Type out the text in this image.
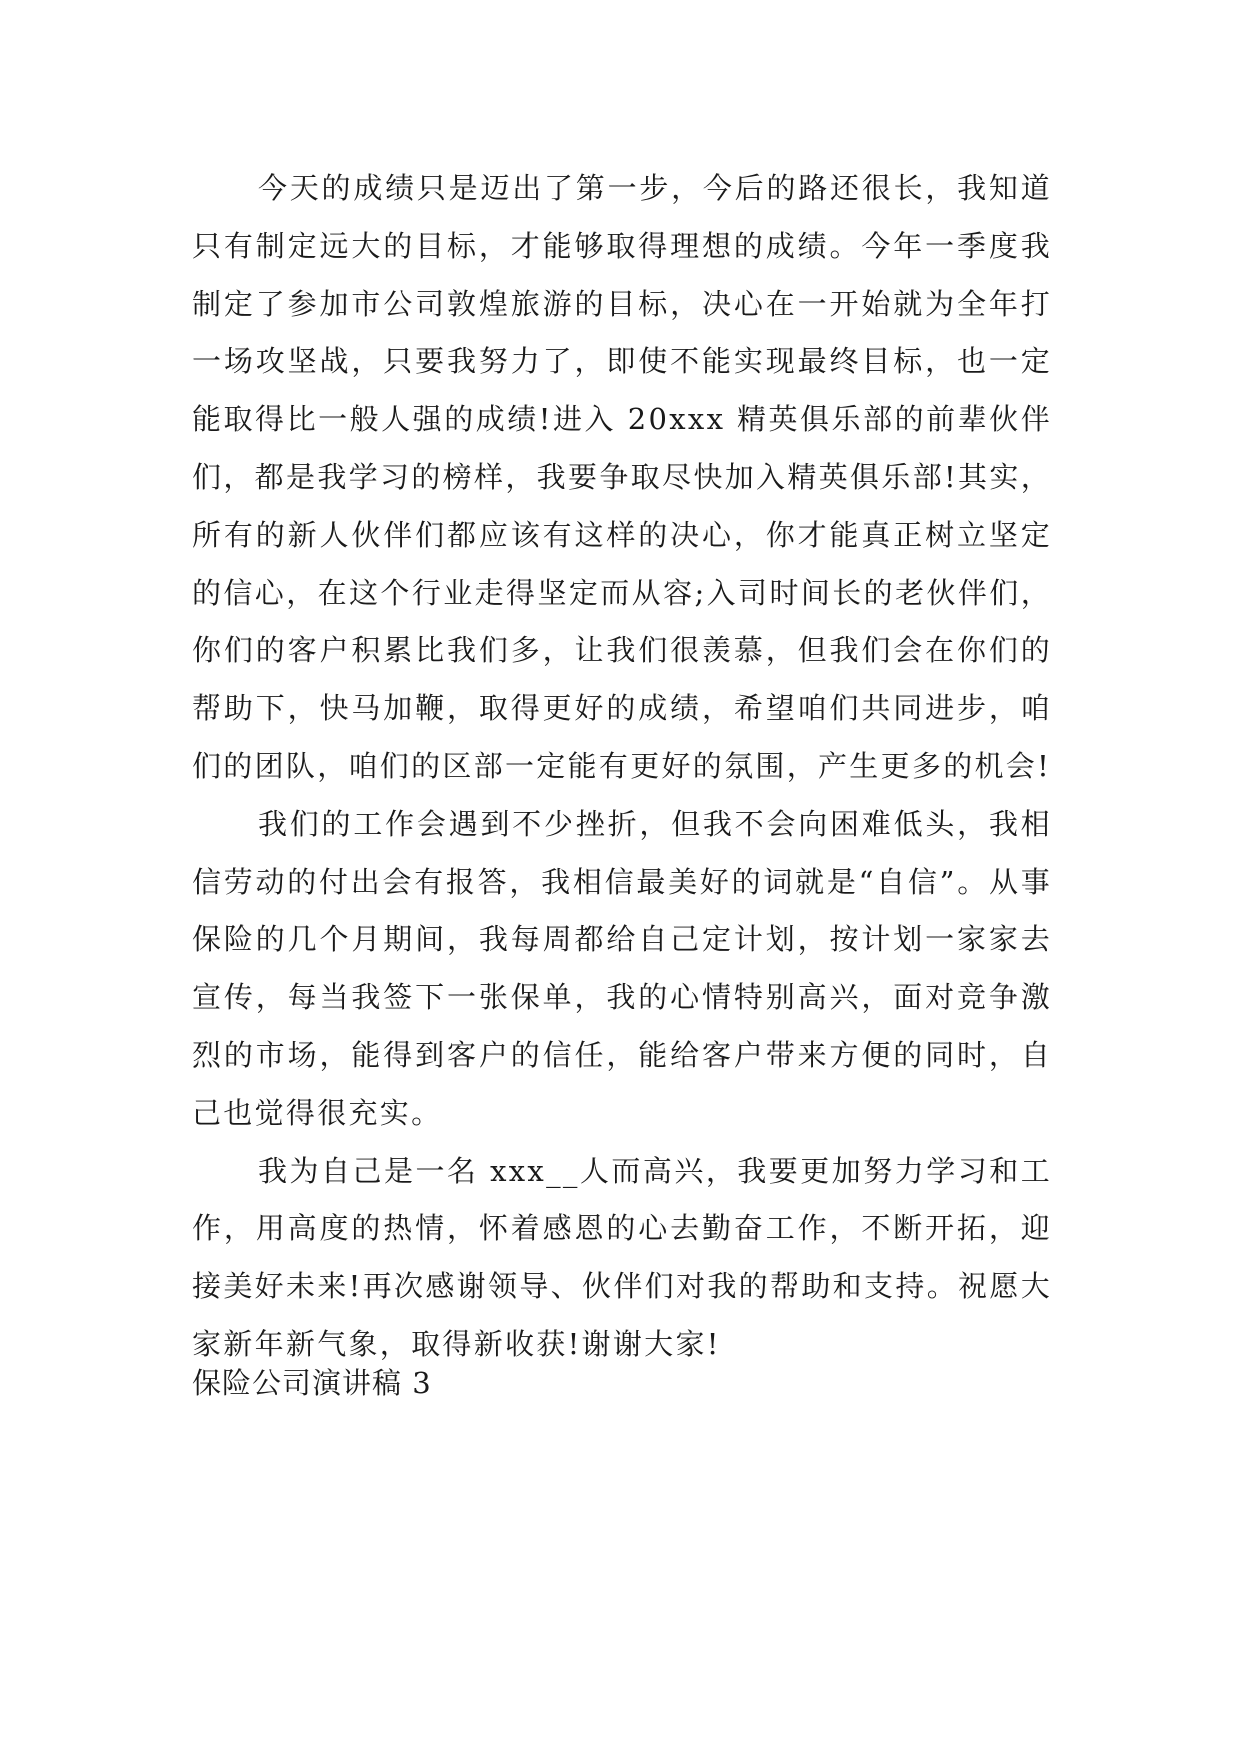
今天的成绩只是迈出了第一步，今后的路还很长，我知道只有制定远大的目标，才能够取得理想的成绩。今年一季度我制定了参加市公司敦煌旅游的目标，决心在一开始就为全年打一场攻坚战，只要我努力了，即使不能实现最终目标，也一定能取得比一般人强的成绩!进入 20xxx 精英俱乐部的前辈伙伴们，都是我学习的榜样，我要争取尽快加入精英俱乐部!其实，所有的新人伙伴们都应该有这样的决心，你才能真正树立坚定的信心，在这个行业走得坚定而从容;入司时间长的老伙伴们，你们的客户积累比我们多，让我们很羡慕，但我们会在你们的帮助下，快马加鞭，取得更好的成绩，希望咱们共同进步，咱们的团队，咱们的区部一定能有更好的氛围，产生更多的机会!

我们的工作会遇到不少挫折，但我不会向困难低头，我相信劳动的付出会有报答，我相信最美好的词就是“自信”。从事保险的几个月期间，我每周都给自己定计划，按计划一家家去宣传，每当我签下一张保单，我的心情特别高兴，面对竞争激烈的市场，能得到客户的信任，能给客户带来方便的同时，自己也觉得很充实。

我为自己是一名 xxx__人而高兴，我要更加努力学习和工作，用高度的热情，怀着感恩的心去勤奋工作，不断开拓，迎接美好未来!再次感谢领导、伙伴们对我的帮助和支持。祝愿大家新年新气象，取得新收获!谢谢大家!

保险公司演讲稿 3
